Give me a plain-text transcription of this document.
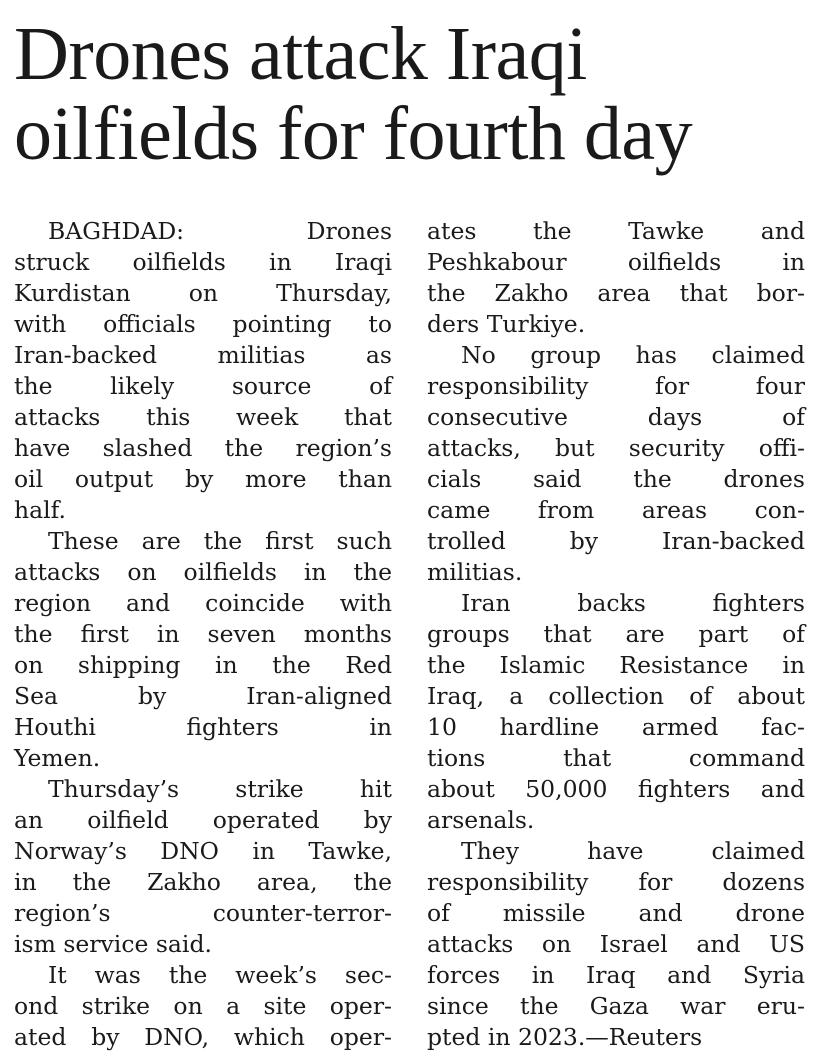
Drones attack Iraqi
oilfields for fourth day
BAGHDAD: Drones
struck oilfields in Iraqi
Kurdistan on Thursday,
with officials pointing to
Iran-backed militias as
the likely source of
attacks this week that
have slashed the region’s
oil output by more than
half.
These are the first such
attacks on oilfields in the
region and coincide with
the first in seven months
on shipping in the Red
Sea by Iran-aligned
Houthi fighters in
Yemen.
Thursday’s strike hit
an oilfield operated by
Norway’s DNO in Tawke,
in the Zakho area, the
region’s counter-terror-
ism service said.
It was the week’s sec-
ond strike on a site oper-
ated by DNO, which oper-
ates the Tawke and
Peshkabour oilfields in
the Zakho area that bor-
ders Turkiye.
No group has claimed
responsibility for four
consecutive days of
attacks, but security offi-
cials said the drones
came from areas con-
trolled by Iran-backed
militias.
Iran backs fighters
groups that are part of
the Islamic Resistance in
Iraq, a collection of about
10 hardline armed fac-
tions that command
about 50,000 fighters and
arsenals.
They have claimed
responsibility for dozens
of missile and drone
attacks on Israel and US
forces in Iraq and Syria
since the Gaza war eru-
pted in 2023.—Reuters
